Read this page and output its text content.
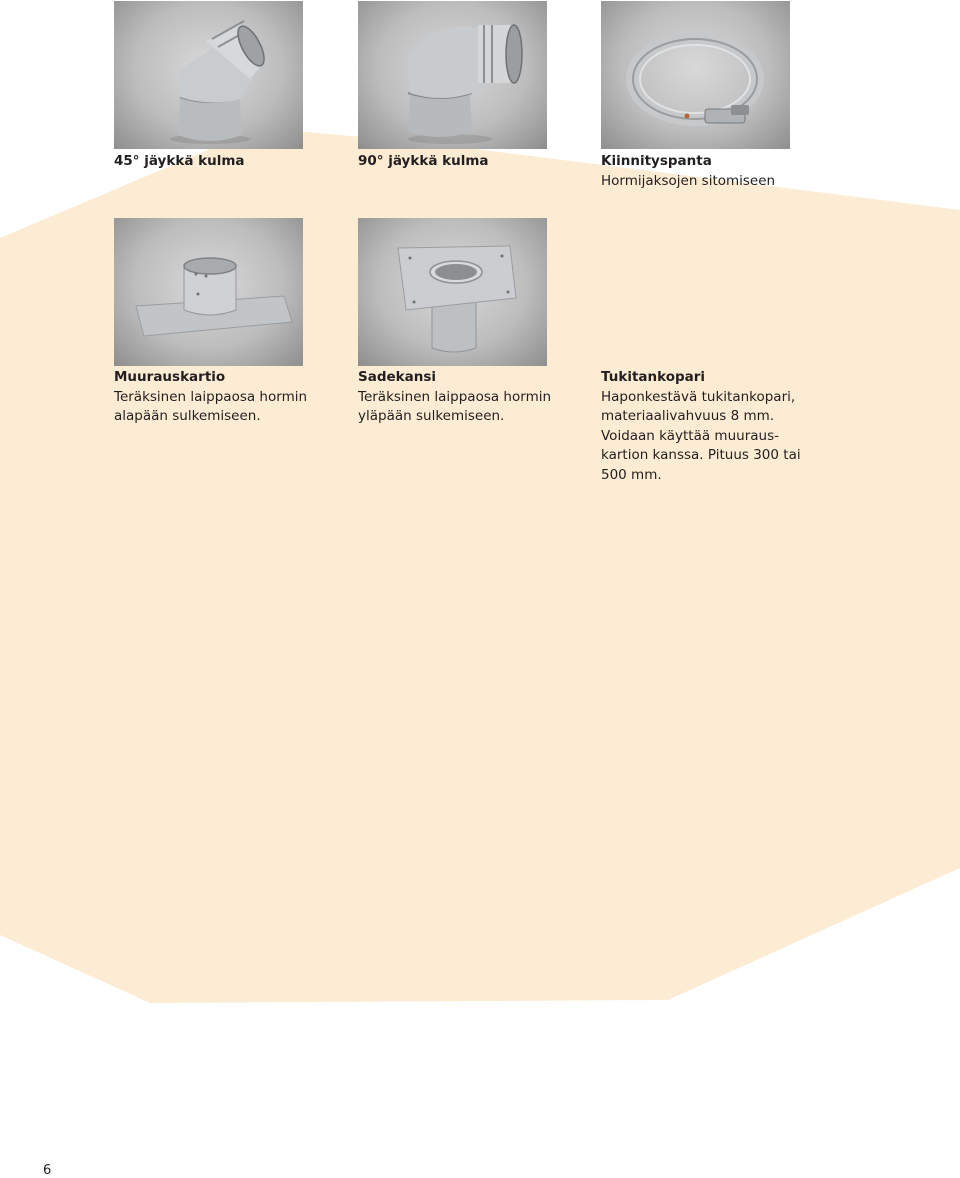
45° jäykkä kulma	90° jäykkä kulma	Kiinnityspanta
Hormijaksojen sitomiseen
Muurauskartio
Teräksinen laippaosa hormin
alapään sulkemiseen.
Sadekansi
Teräksinen laippaosa hormin
yläpään sulkemiseen.
Tukitankopari
Haponkestävä tukitankopari,
materiaalivahvuus 8 mm.
Voidaan käyttää muuraus-
kartion kanssa. Pituus 300 tai
500 mm.
6
